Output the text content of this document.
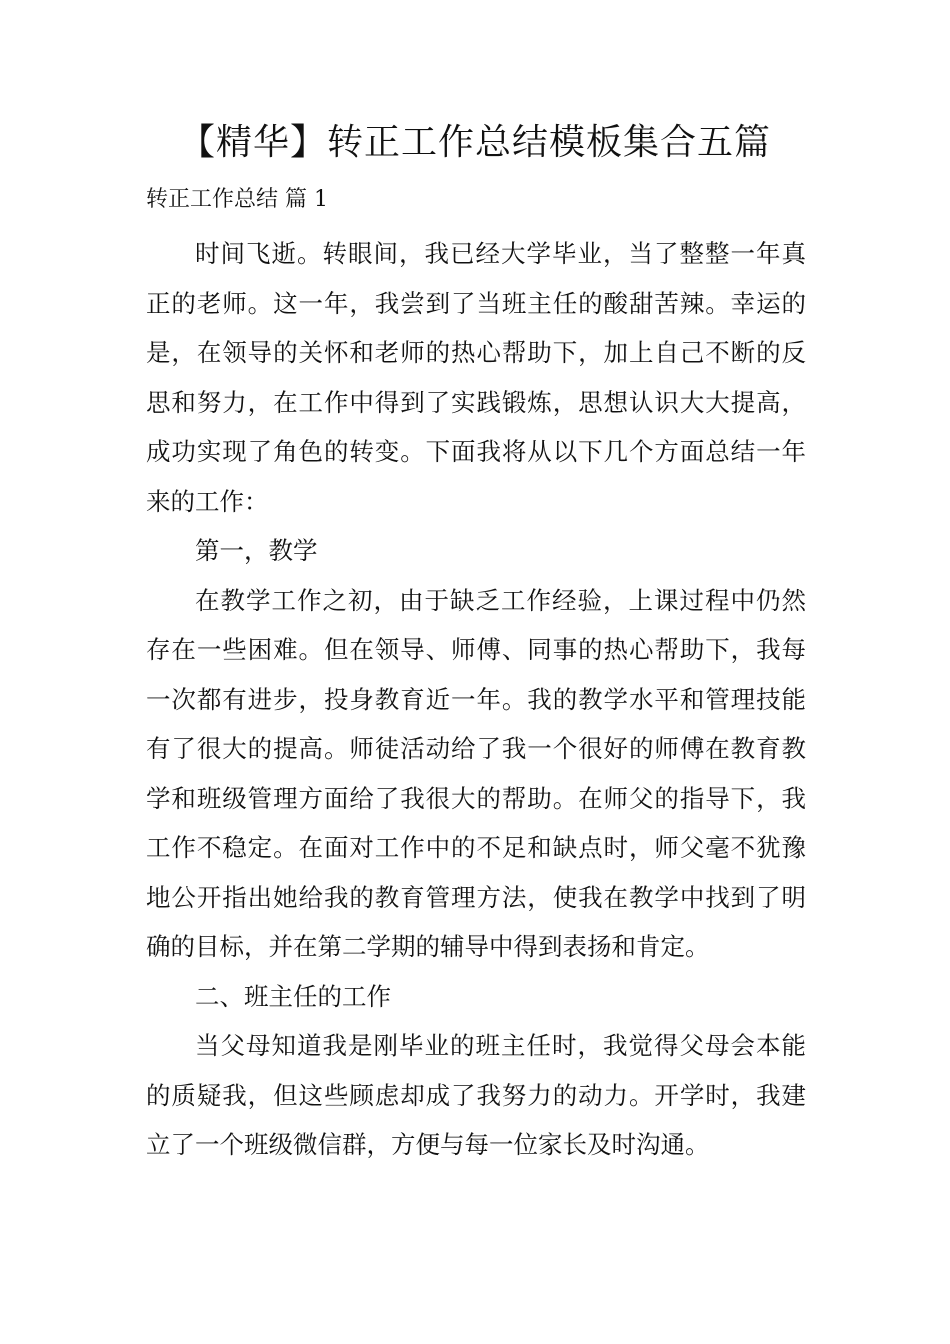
【精华】转正工作总结模板集合五篇

转正工作总结 篇 1

时间飞逝。转眼间，我已经大学毕业，当了整整一年真正的老师。这一年，我尝到了当班主任的酸甜苦辣。幸运的是，在领导的关怀和老师的热心帮助下，加上自己不断的反思和努力，在工作中得到了实践锻炼，思想认识大大提高，成功实现了角色的转变。下面我将从以下几个方面总结一年来的工作：

第一，教学

在教学工作之初，由于缺乏工作经验，上课过程中仍然存在一些困难。但在领导、师傅、同事的热心帮助下，我每一次都有进步，投身教育近一年。我的教学水平和管理技能有了很大的提高。师徒活动给了我一个很好的师傅在教育教学和班级管理方面给了我很大的帮助。在师父的指导下，我工作不稳定。在面对工作中的不足和缺点时，师父毫不犹豫地公开指出她给我的教育管理方法，使我在教学中找到了明确的目标，并在第二学期的辅导中得到表扬和肯定。

二、班主任的工作

当父母知道我是刚毕业的班主任时，我觉得父母会本能的质疑我，但这些顾虑却成了我努力的动力。开学时，我建立了一个班级微信群，方便与每一位家长及时沟通。
